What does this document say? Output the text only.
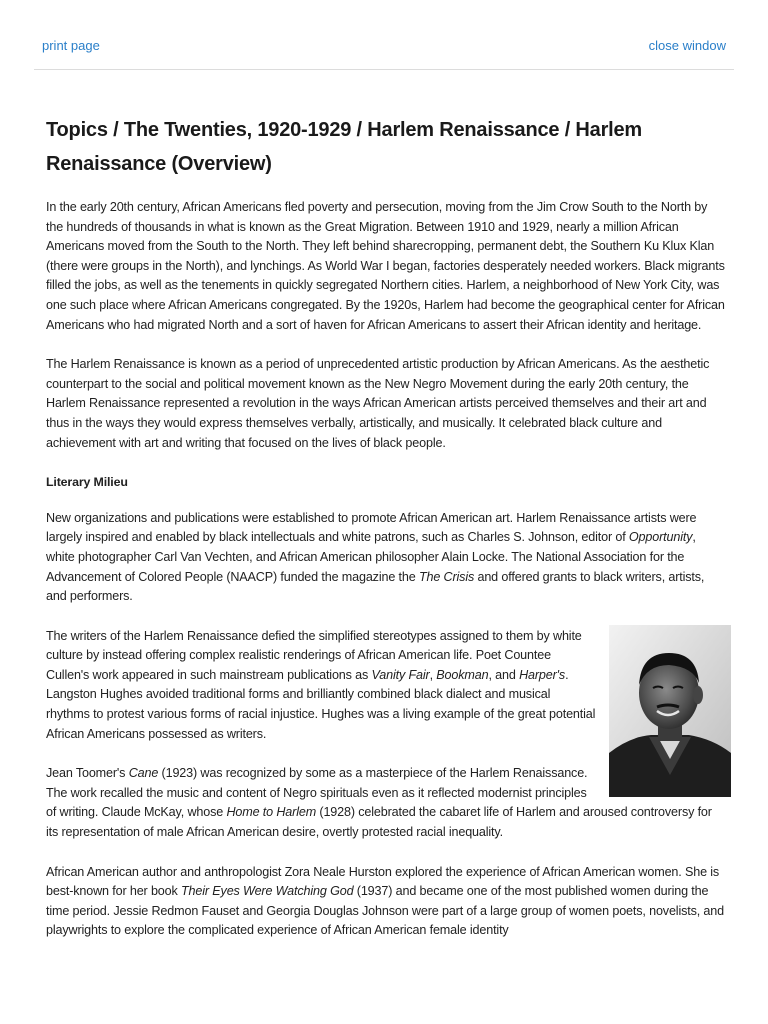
print page	close window
Topics / The Twenties, 1920-1929 / Harlem Renaissance / Harlem Renaissance (Overview)

In the early 20th century, African Americans fled poverty and persecution, moving from the Jim Crow South to the North by the hundreds of thousands in what is known as the Great Migration. Between 1910 and 1929, nearly a million African Americans moved from the South to the North. They left behind sharecropping, permanent debt, the Southern Ku Klux Klan (there were groups in the North), and lynchings. As World War I began, factories desperately needed workers. Black migrants filled the jobs, as well as the tenements in quickly segregated Northern cities. Harlem, a neighborhood of New York City, was one such place where African Americans congregated. By the 1920s, Harlem had become the geographical center for African Americans who had migrated North and a sort of haven for African Americans to assert their African identity and heritage.

The Harlem Renaissance is known as a period of unprecedented artistic production by African Americans. As the aesthetic counterpart to the social and political movement known as the New Negro Movement during the early 20th century, the Harlem Renaissance represented a revolution in the ways African American artists perceived themselves and their art and thus in the ways they would express themselves verbally, artistically, and musically. It celebrated black culture and achievement with art and writing that focused on the lives of black people.

Literary Milieu

New organizations and publications were established to promote African American art. Harlem Renaissance artists were largely inspired and enabled by black intellectuals and white patrons, such as Charles S. Johnson, editor of Opportunity, white photographer Carl Van Vechten, and African American philosopher Alain Locke. The National Association for the Advancement of Colored People (NAACP) funded the magazine the The Crisis and offered grants to black writers, artists, and performers.

The writers of the Harlem Renaissance defied the simplified stereotypes assigned to them by white culture by instead offering complex realistic renderings of African American life. Poet Countee Cullen's work appeared in such mainstream publications as Vanity Fair, Bookman, and Harper's. Langston Hughes avoided traditional forms and brilliantly combined black dialect and musical rhythms to protest various forms of racial injustice. Hughes was a living example of the great potential African Americans possessed as writers.

Jean Toomer's Cane (1923) was recognized by some as a masterpiece of the Harlem Renaissance. The work recalled the music and content of Negro spirituals even as it reflected modernist principles of writing. Claude McKay, whose Home to Harlem (1928) celebrated the cabaret life of Harlem and aroused controversy for its representation of male African American desire, overtly protested racial inequality.

African American author and anthropologist Zora Neale Hurston explored the experience of African American women. She is best-known for her book Their Eyes Were Watching God (1937) and became one of the most published women during the time period. Jessie Redmon Fauset and Georgia Douglas Johnson were part of a large group of women poets, novelists, and playwrights to explore the complicated experience of African American female identity
